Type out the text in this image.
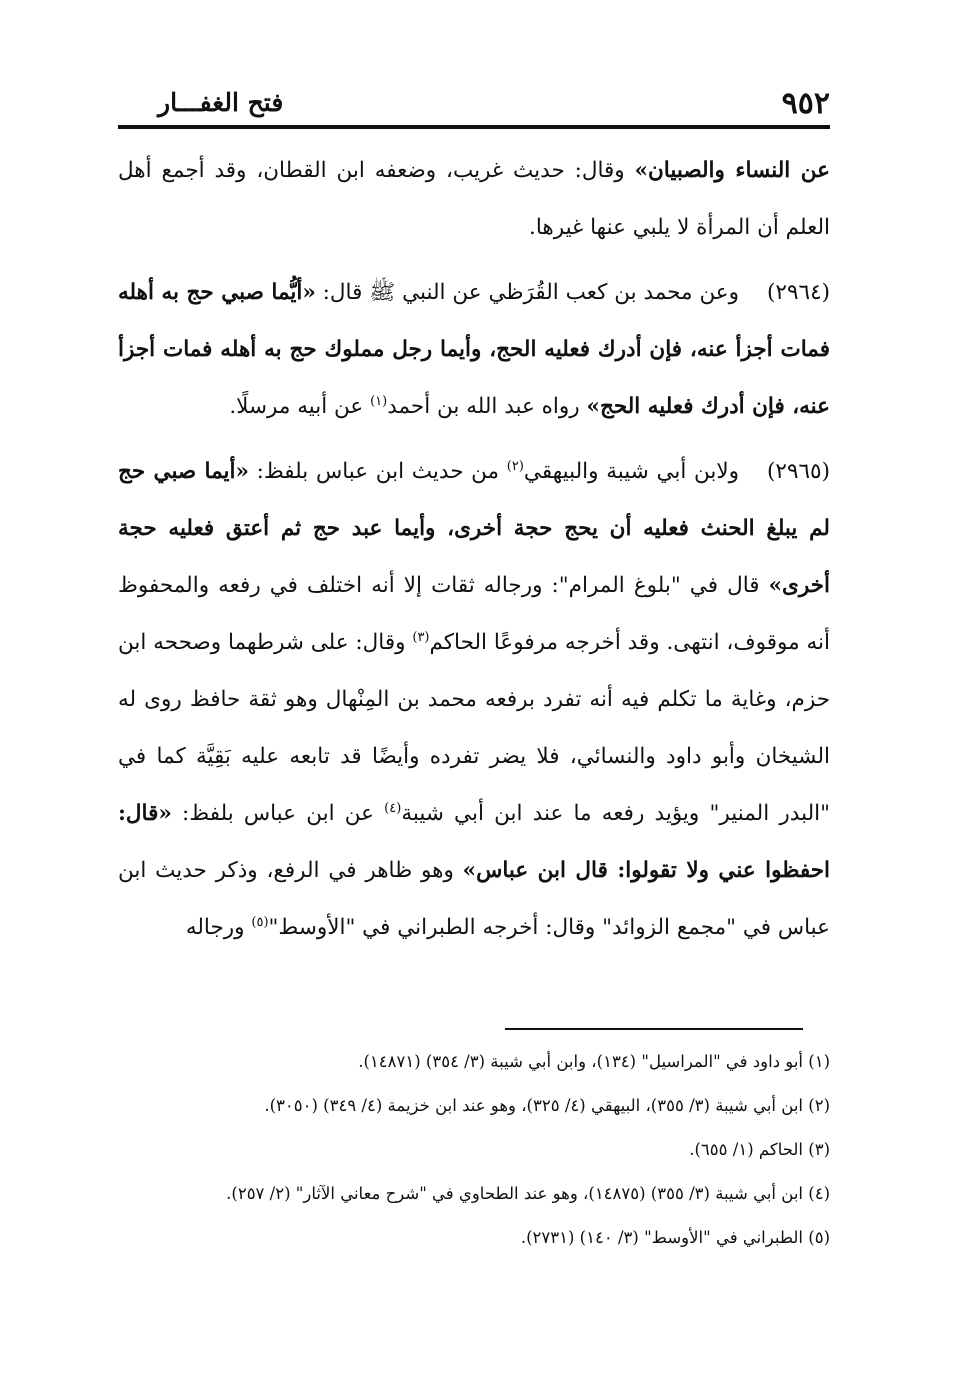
٩٥٢
فتح الغفـــار

عن النساء والصبيان» وقال: حديث غريب، وضعفه ابن القطان، وقد أجمع أهل العلم أن المرأة لا يلبي عنها غيرها.

(٢٩٦٤)وعن محمد بن كعب القُرَظي عن النبي ﷺ قال: «أيُّما صبي حج به أهله فمات أجزأ عنه، فإن أدرك فعليه الحج، وأيما رجل مملوك حج به أهله فمات أجزأ عنه، فإن أدرك فعليه الحج» رواه عبد الله بن أحمد$^{(١)}$ عن أبيه مرسلًا.

(٢٩٦٥)ولابن أبي شيبة والبيهقي$^{(٢)}$ من حديث ابن عباس بلفظ: «أيما صبي حج لم يبلغ الحنث فعليه أن يحج حجة أخرى، وأيما عبد حج ثم أعتق فعليه حجة أخرى» قال في "بلوغ المرام": ورجاله ثقات إلا أنه اختلف في رفعه والمحفوظ أنه موقوف، انتهى. وقد أخرجه مرفوعًا الحاكم$^{(٣)}$ وقال: على شرطهما وصححه ابن حزم، وغاية ما تكلم فيه أنه تفرد برفعه محمد بن المِنْهال وهو ثقة حافظ روى له الشيخان وأبو داود والنسائي، فلا يضر تفرده وأيضًا قد تابعه عليه بَقِيَّة كما في "البدر المنير" ويؤيد رفعه ما عند ابن أبي شيبة$^{(٤)}$ عن ابن عباس بلفظ: «قال: احفظوا عني ولا تقولوا: قال ابن عباس» وهو ظاهر في الرفع، وذكر حديث ابن عباس في "مجمع الزوائد" وقال: أخرجه الطبراني في "الأوسط"$^{(٥)}$ ورجاله

(١) أبو داود في "المراسيل" (١٣٤)، وابن أبي شيبة (٣/ ٣٥٤) (١٤٨٧١).
(٢) ابن أبي شيبة (٣/ ٣٥٥)، البيهقي (٤/ ٣٢٥)، وهو عند ابن خزيمة (٤/ ٣٤٩) (٣٠٥٠).
(٣) الحاكم (١/ ٦٥٥).
(٤) ابن أبي شيبة (٣/ ٣٥٥) (١٤٨٧٥)، وهو عند الطحاوي في "شرح معاني الآثار" (٢/ ٢٥٧).
(٥) الطبراني في "الأوسط" (٣/ ١٤٠) (٢٧٣١).
